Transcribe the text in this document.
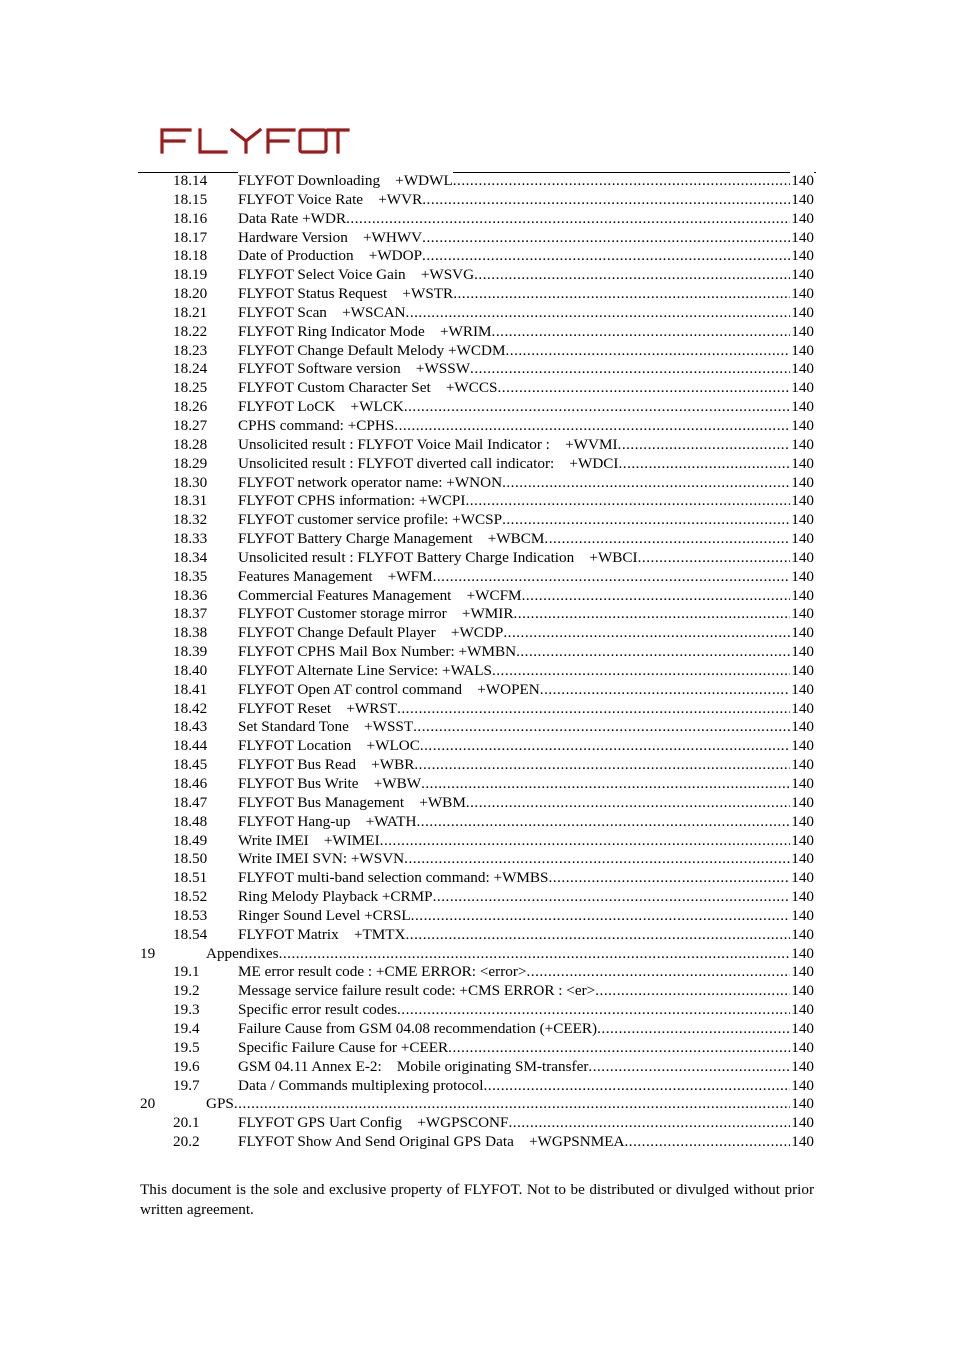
18.14 FLYFOT Downloading    +WDWL .....	140
18.15 FLYFOT Voice Rate    +WVR .....	140
18.16 Data Rate +WDR .....	140
18.17 Hardware Version    +WHWV .....	140
18.18 Date of Production    +WDOP .....	140
18.19 FLYFOT Select Voice Gain    +WSVG .....	140
18.20 FLYFOT Status Request    +WSTR .....	140
18.21 FLYFOT Scan    +WSCAN .....	140
18.22 FLYFOT Ring Indicator Mode    +WRIM .....	140
18.23 FLYFOT Change Default Melody +WCDM .....	140
18.24 FLYFOT Software version    +WSSW .....	140
18.25 FLYFOT Custom Character Set    +WCCS .....	140
18.26 FLYFOT LoCK    +WLCK .....	140
18.27 CPHS command: +CPHS .....	140
18.28 Unsolicited result : FLYFOT Voice Mail Indicator :    +WVMI .....	140
18.29 Unsolicited result : FLYFOT diverted call indicator:    +WDCI .....	140
18.30 FLYFOT network operator name: +WNON .....	140
18.31 FLYFOT CPHS information: +WCPI .....	140
18.32 FLYFOT customer service profile: +WCSP .....	140
18.33 FLYFOT Battery Charge Management    +WBCM .....	140
18.34 Unsolicited result : FLYFOT Battery Charge Indication    +WBCI .....	140
18.35 Features Management    +WFM .....	140
18.36 Commercial Features Management    +WCFM .....	140
18.37 FLYFOT Customer storage mirror    +WMIR .....	140
18.38 FLYFOT Change Default Player    +WCDP .....	140
18.39 FLYFOT CPHS Mail Box Number: +WMBN .....	140
18.40 FLYFOT Alternate Line Service: +WALS .....	140
18.41 FLYFOT Open AT control command    +WOPEN .....	140
18.42 FLYFOT Reset    +WRST .....	140
18.43 Set Standard Tone    +WSST .....	140
18.44 FLYFOT Location    +WLOC .....	140
18.45 FLYFOT Bus Read    +WBR .....	140
18.46 FLYFOT Bus Write    +WBW .....	140
18.47 FLYFOT Bus Management    +WBM .....	140
18.48 FLYFOT Hang-up    +WATH .....	140
18.49 Write IMEI    +WIMEI .....	140
18.50 Write IMEI SVN: +WSVN .....	140
18.51 FLYFOT multi-band selection command: +WMBS .....	140
18.52 Ring Melody Playback +CRMP .....	140
18.53 Ringer Sound Level +CRSL .....	140
18.54 FLYFOT Matrix    +TMTX .....	140
19	Appendixes .....	140
19.1	ME error result code : +CME ERROR: <error> .....	140
19.2	Message service failure result code: +CMS ERROR : <er> .....	140
19.3	Specific error result codes .....	140
19.4	Failure Cause from GSM 04.08 recommendation (+CEER) .....	140
19.5	Specific Failure Cause for +CEER .....	140
19.6	GSM 04.11 Annex E-2:    Mobile originating SM-transfer .....	140
19.7	Data / Commands multiplexing protocol .....	140
20	GPS .....	140
20.1	FLYFOT GPS Uart Config    +WGPSCONF .....	140
20.2	FLYFOT Show And Send Original GPS Data    +WGPSNMEA .....	140
This document is the sole and exclusive property of FLYFOT. Not to be distributed or divulged without prior written agreement.
